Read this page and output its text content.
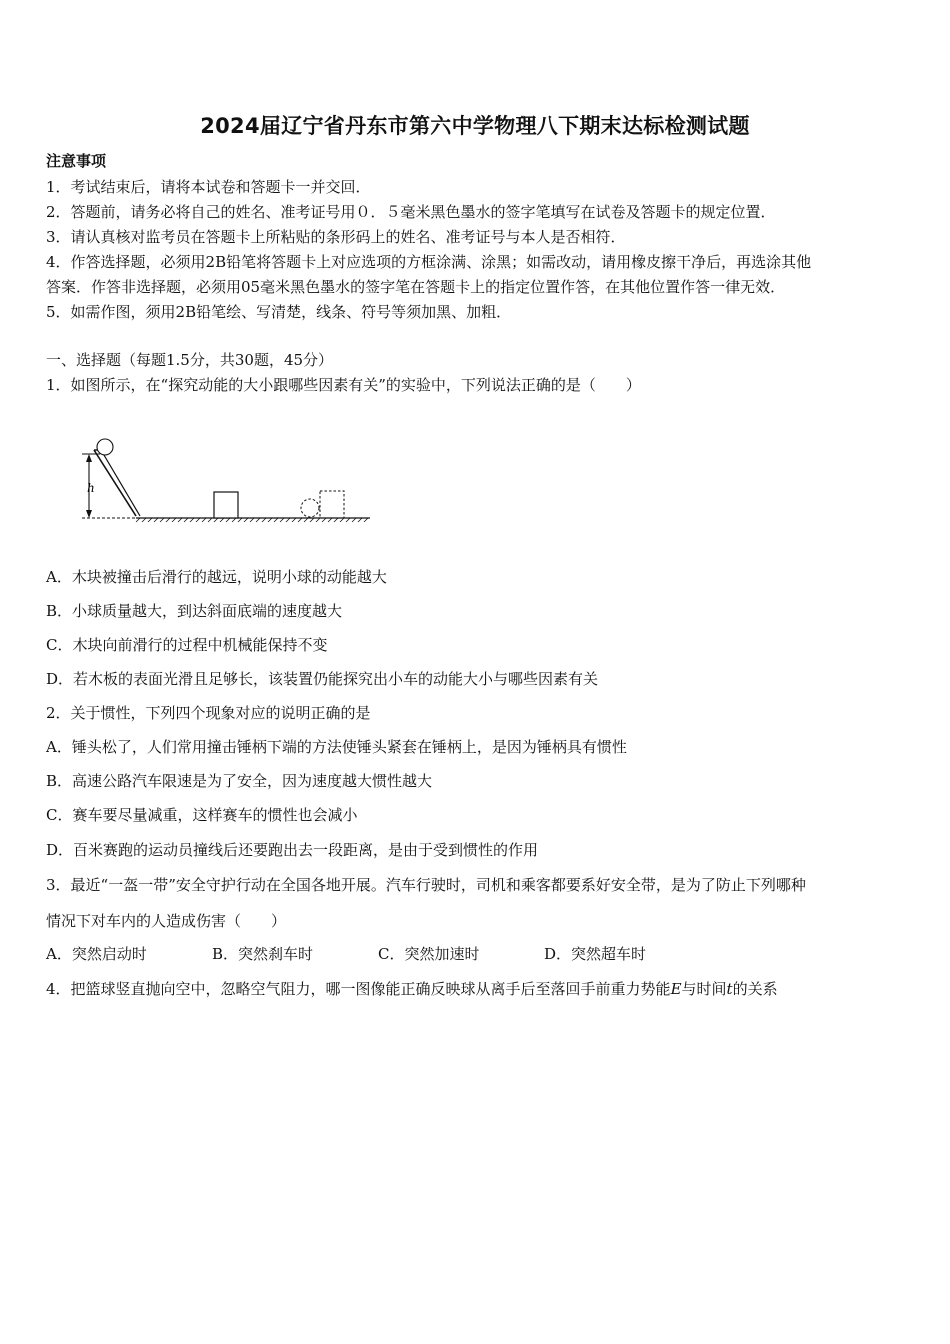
2024届辽宁省丹东市第六中学物理八下期末达标检测试题
注意事项
1．考试结束后，请将本试卷和答题卡一并交回．
2．答题前，请务必将自己的姓名、准考证号用０．５毫米黑色墨水的签字笔填写在试卷及答题卡的规定位置．
3．请认真核对监考员在答题卡上所粘贴的条形码上的姓名、准考证号与本人是否相符．
4．作答选择题，必须用2B铅笔将答题卡上对应选项的方框涂满、涂黑；如需改动，请用橡皮擦干净后，再选涂其他
答案．作答非选择题，必须用05毫米黑色墨水的签字笔在答题卡上的指定位置作答，在其他位置作答一律无效．
5．如需作图，须用2B铅笔绘、写清楚，线条、符号等须加黑、加粗．
一、选择题（每题1.5分，共30题，45分）
1．如图所示，在“探究动能的大小跟哪些因素有关”的实验中，下列说法正确的是（　　）
h
A．木块被撞击后滑行的越远，说明小球的动能越大
B．小球质量越大，到达斜面底端的速度越大
C．木块向前滑行的过程中机械能保持不变
D．若木板的表面光滑且足够长，该装置仍能探究出小车的动能大小与哪些因素有关
2．关于惯性，下列四个现象对应的说明正确的是
A．锤头松了，人们常用撞击锤柄下端的方法使锤头紧套在锤柄上，是因为锤柄具有惯性
B．高速公路汽车限速是为了安全，因为速度越大惯性越大
C．赛车要尽量减重，这样赛车的惯性也会减小
D．百米赛跑的运动员撞线后还要跑出去一段距离，是由于受到惯性的作用
3．最近“一盔一带”安全守护行动在全国各地开展。汽车行驶时，司机和乘客都要系好安全带，是为了防止下列哪种
情况下对车内的人造成伤害（　　）
A．突然启动时	B．突然刹车时	C．突然加速时	D．突然超车时
4．把篮球竖直抛向空中，忽略空气阻力，哪一图像能正确反映球从离手后至落回手前重力势能E与时间t的关系
